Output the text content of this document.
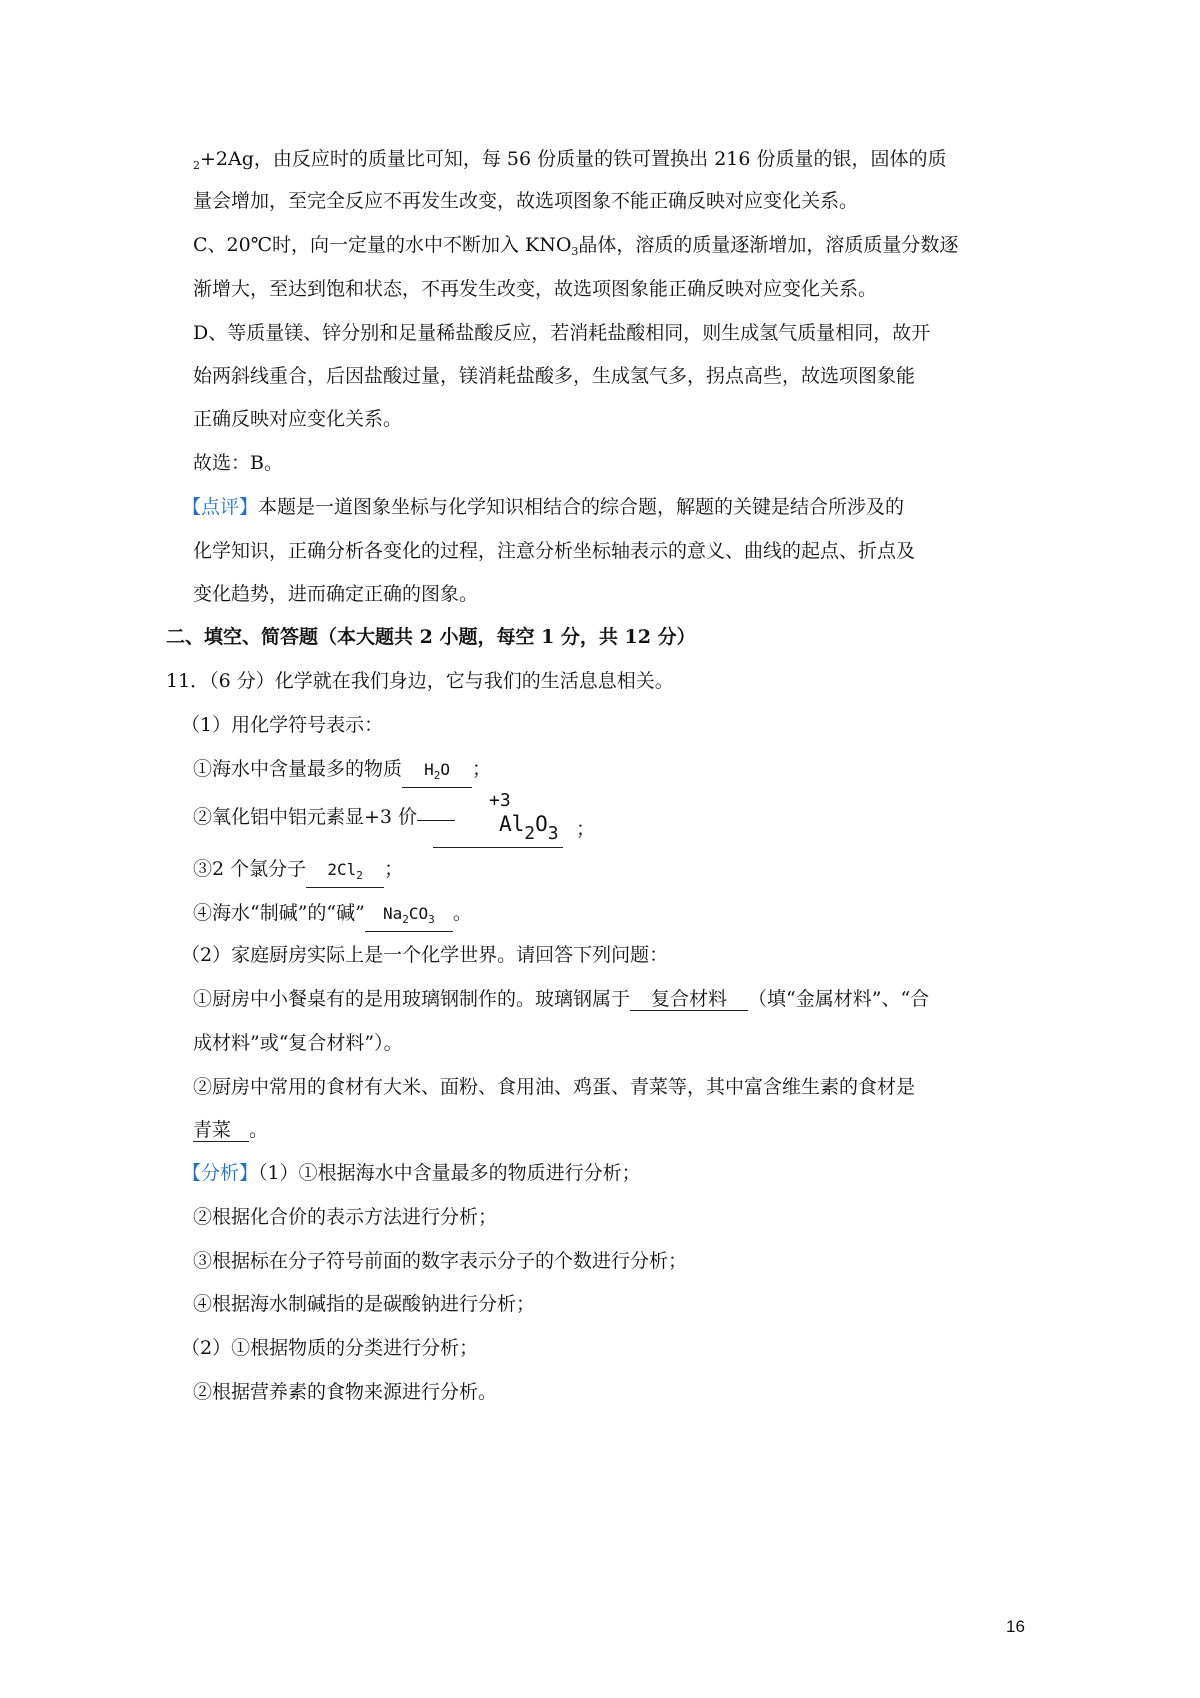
$_2$+2Ag，由反应时的质量比可知，每 56 份质量的铁可置换出 216 份质量的银，固体的质
量会增加，至完全反应不再发生改变，故选项图象不能正确反映对应变化关系。
C、20℃时，向一定量的水中不断加入 $KNO_3$晶体，溶质的质量逐渐增加，溶质质量分数逐
渐增大，至达到饱和状态，不再发生改变，故选项图象能正确反映对应变化关系。
D、等质量镁、锌分别和足量稀盐酸反应，若消耗盐酸相同，则生成氢气质量相同，故开
始两斜线重合，后因盐酸过量，镁消耗盐酸多，生成氢气多，拐点高些，故选项图象能
正确反映对应变化关系。
故选：B。
【点评】本题是一道图象坐标与化学知识相结合的综合题，解题的关键是结合所涉及的
化学知识，正确分析各变化的过程，注意分析坐标轴表示的意义、曲线的起点、折点及
变化趋势，进而确定正确的图象。
二、填空、简答题（本大题共 2 小题，每空 1 分，共 12 分）
11．（6 分）化学就在我们身边，它与我们的生活息息相关。
（1）用化学符号表示：
①海水中含量最多的物质 $H_2O$ ；
②氧化铝中铝元素显+3 价
+3
Al2O3 ；
③2 个氯分子 $2Cl_2$ ；
④海水“制碱”的“碱” $Na_2CO_3$ 。
（2）家庭厨房实际上是一个化学世界。请回答下列问题：
①厨房中小餐桌有的是用玻璃钢制作的。玻璃钢属于 复合材料 （填“金属材料”、“合
成材料”或“复合材料”）。
②厨房中常用的食材有大米、面粉、食用油、鸡蛋、青菜等，其中富含维生素的食材是
青菜 。
【分析】（1）①根据海水中含量最多的物质进行分析；
②根据化合价的表示方法进行分析；
③根据标在分子符号前面的数字表示分子的个数进行分析；
④根据海水制碱指的是碳酸钠进行分析；
（2）①根据物质的分类进行分析；
②根据营养素的食物来源进行分析。
16
